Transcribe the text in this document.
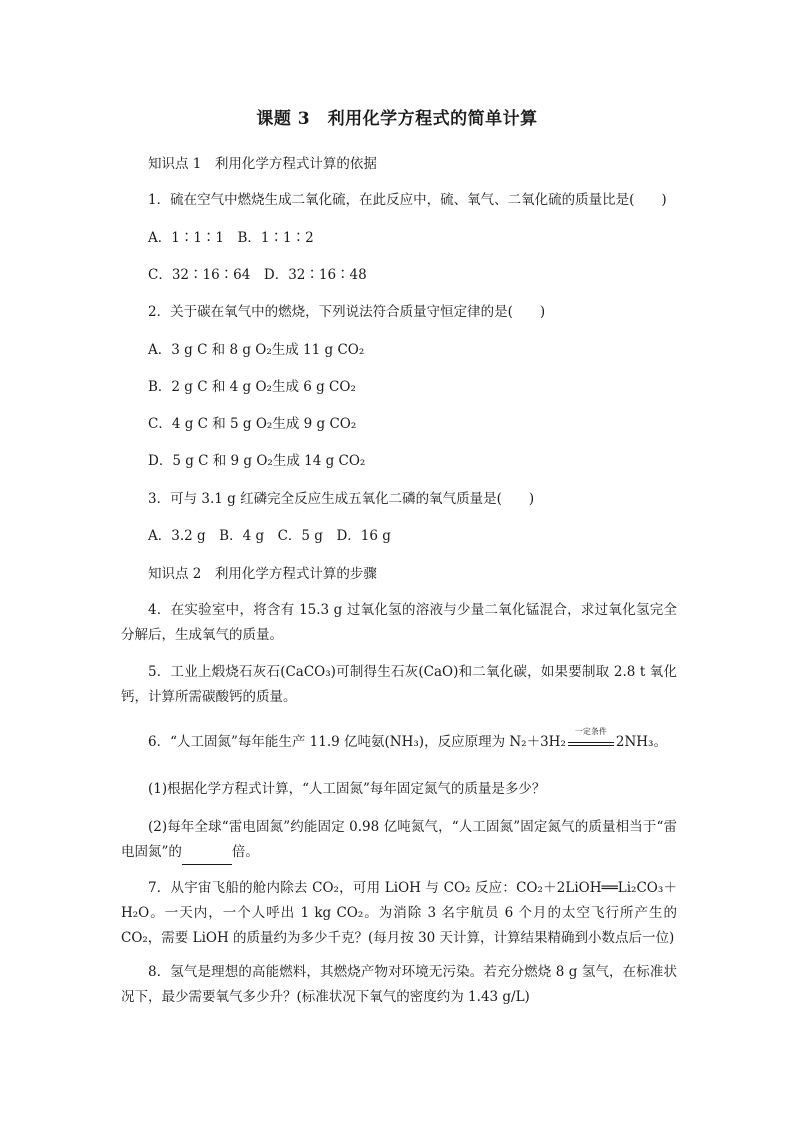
课题 3　利用化学方程式的简单计算
知识点 1　利用化学方程式计算的依据
1．硫在空气中燃烧生成二氧化硫，在此反应中，硫、氧气、二氧化硫的质量比是(　　)
A．1∶1∶1　B．1∶1∶2
C．32∶16∶64　D．32∶16∶48
2．关于碳在氧气中的燃烧，下列说法符合质量守恒定律的是(　　)
A．3 g C 和 8 g O₂生成 11 g CO₂
B．2 g C 和 4 g O₂生成 6 g CO₂
C．4 g C 和 5 g O₂生成 9 g CO₂
D．5 g C 和 9 g O₂生成 14 g CO₂
3．可与 3.1 g 红磷完全反应生成五氧化二磷的氧气质量是(　　)
A．3.2 g　B．4 g　C．5 g　D．16 g
知识点 2　利用化学方程式计算的步骤
4．在实验室中，将含有 15.3 g 过氧化氢的溶液与少量二氧化锰混合，求过氧化氢完全分解后，生成氧气的质量。
5．工业上煅烧石灰石(CaCO₃)可制得生石灰(CaO)和二氧化碳，如果要制取 2.8 t 氧化钙，计算所需碳酸钙的质量。
6．“人工固氮”每年能生产 11.9 亿吨氨(NH₃)，反应原理为 N₂＋3H₂
一定条件
2NH₃。
(1)根据化学方程式计算，“人工固氮”每年固定氮气的质量是多少？
(2)每年全球“雷电固氮”约能固定 0.98 亿吨氮气，“人工固氮”固定氮气的质量相当于“雷电固氮”的	倍。
7．从宇宙飞船的舱内除去 CO₂，可用 LiOH 与 CO₂ 反应：CO₂＋2LiOH══Li₂CO₃＋H₂O。一天内，一个人呼出 1 kg CO₂。为消除 3 名宇航员 6 个月的太空飞行所产生的 CO₂，需要 LiOH 的质量约为多少千克？(每月按 30 天计算，计算结果精确到小数点后一位)
8．氢气是理想的高能燃料，其燃烧产物对环境无污染。若充分燃烧 8 g 氢气，在标准状况下，最少需要氧气多少升？(标准状况下氧气的密度约为 1.43 g/L)
